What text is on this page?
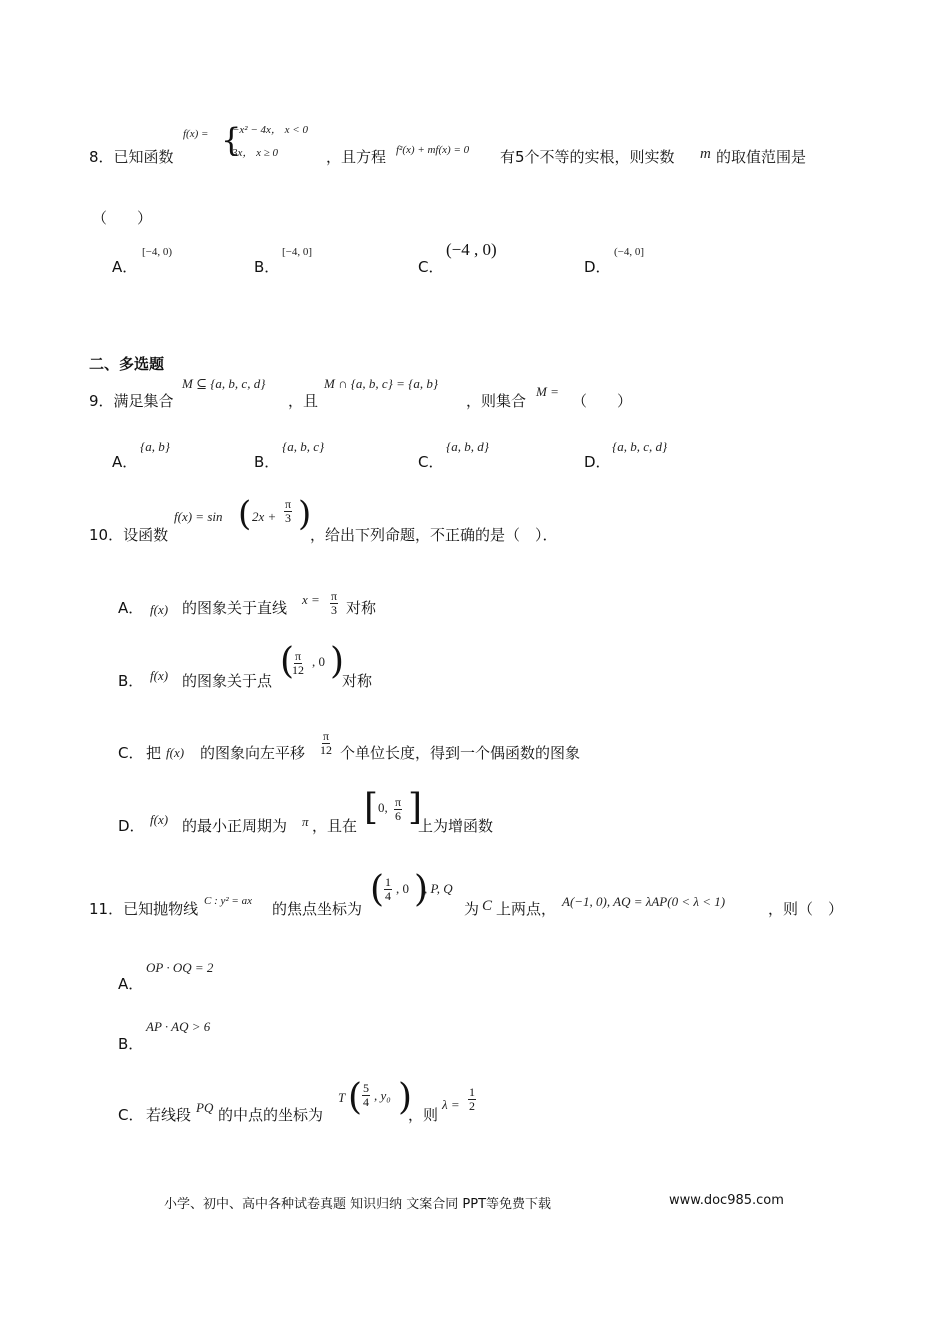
8．已知函数
f(x) = {
−x² − 4x， x < 0
3x， x ≥ 0	，且方程 f²(x) + mf(x) = 0 有5个不等的实根，则实数 m 的取值范围是
（　　）
A．
[−4, 0)
B．
[−4, 0]
C．
(−4 , 0)
D．
(−4, 0]
二、多选题
9．满足集合
M ⊆ {a, b, c, d}
，且
M ∩ {a, b, c} = {a, b}
，则集合
M =
（　　）
A．
{a, b}
B．
{a, b, c}
C．
{a, b, d}
D．
{a, b, c, d}
10．设函数
f(x) = sin ( $2x + \frac{\pi}{3}$ )
，给出下列命题，不正确的是（　）．
A． f(x) 的图象关于直线 $x = \frac{\pi}{3}$ 对称
B． f(x) 的图象关于点 (
$\frac{\pi}{12}$ , 0 )
对称
C． 把 f(x) 的图象向左平移 $\frac{\pi}{12}$ 个单位长度，得到一个偶函数的图象
D． f(x) 的最小正周期为 π ，且在 [ 0, $\frac{\pi}{6}$ ]
上为增函数
11．已知抛物线 C : y² = ax 的焦点坐标为 ( $\frac{1}{4}$ , 0 )
, P, Q
为 C 上两点， A(−1, 0), AQ = λAP(0 < λ < 1)	，则（　）
A．
OP · OQ = 2
B．
AP · AQ > 6
C． 若线段 PQ 的中点的坐标为
T ( $\frac{5}{4}$ , y₀ )
，则
$\lambda = \frac{1}{2}$
小学、初中、高中各种试卷真题 知识归纳 文案合同 PPT等免费下载	www.doc985.com
